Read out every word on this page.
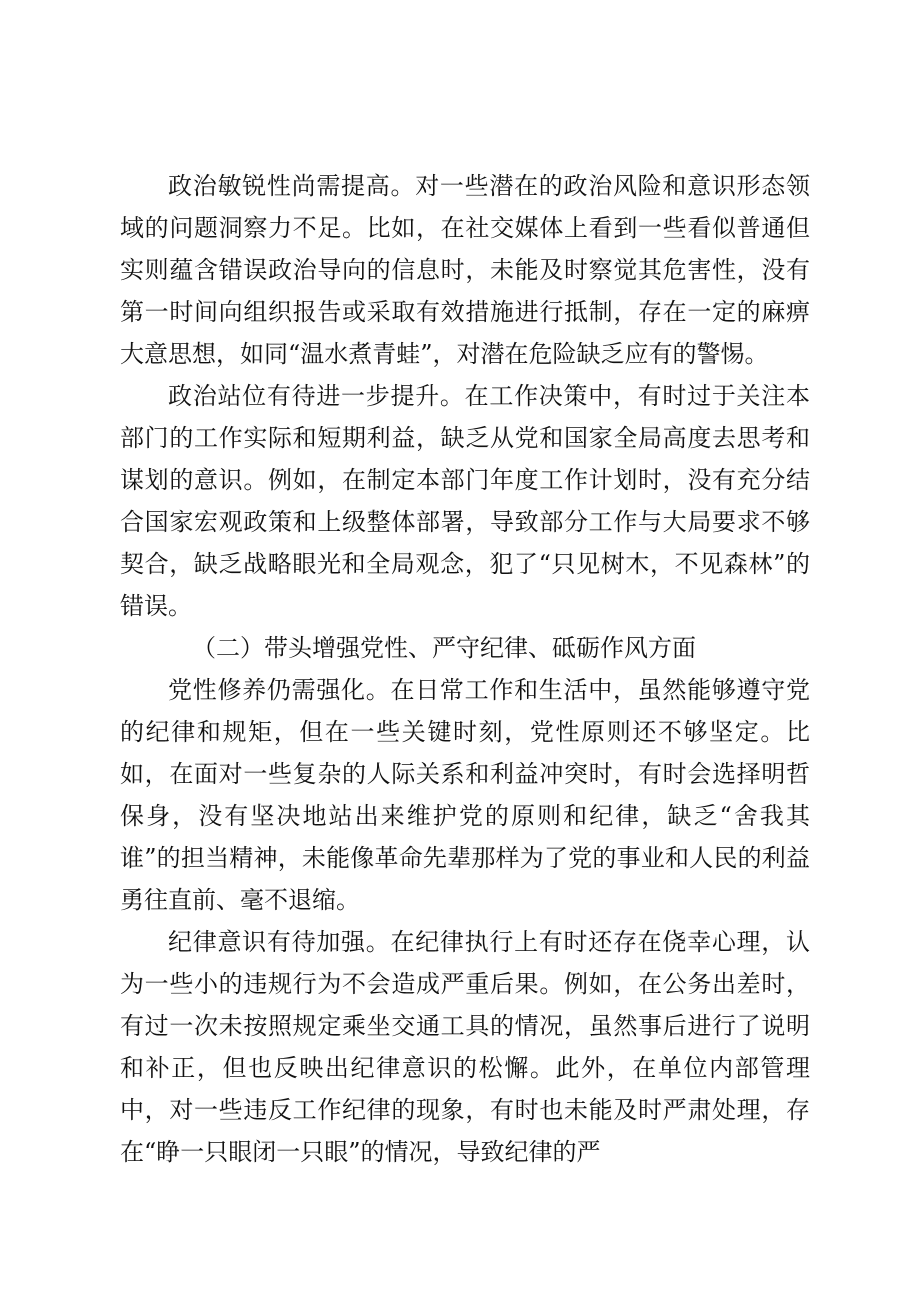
政治敏锐性尚需提高。对一些潜在的政治风险和意识形态领域的问题洞察力不足。比如，在社交媒体上看到一些看似普通但实则蕴含错误政治导向的信息时，未能及时察觉其危害性，没有第一时间向组织报告或采取有效措施进行抵制，存在一定的麻痹大意思想，如同“温水煮青蛙”，对潜在危险缺乏应有的警惕。

政治站位有待进一步提升。在工作决策中，有时过于关注本部门的工作实际和短期利益，缺乏从党和国家全局高度去思考和谋划的意识。例如，在制定本部门年度工作计划时，没有充分结合国家宏观政策和上级整体部署，导致部分工作与大局要求不够契合，缺乏战略眼光和全局观念，犯了“只见树木，不见森林”的错误。

（二）带头增强党性、严守纪律、砥砺作风方面

党性修养仍需强化。在日常工作和生活中，虽然能够遵守党的纪律和规矩，但在一些关键时刻，党性原则还不够坚定。比如，在面对一些复杂的人际关系和利益冲突时，有时会选择明哲保身，没有坚决地站出来维护党的原则和纪律，缺乏“舍我其谁”的担当精神，未能像革命先辈那样为了党的事业和人民的利益勇往直前、毫不退缩。

纪律意识有待加强。在纪律执行上有时还存在侥幸心理，认为一些小的违规行为不会造成严重后果。例如，在公务出差时，有过一次未按照规定乘坐交通工具的情况，虽然事后进行了说明和补正，但也反映出纪律意识的松懈。此外，在单位内部管理中，对一些违反工作纪律的现象，有时也未能及时严肃处理，存在“睁一只眼闭一只眼”的情况，导致纪律的严
